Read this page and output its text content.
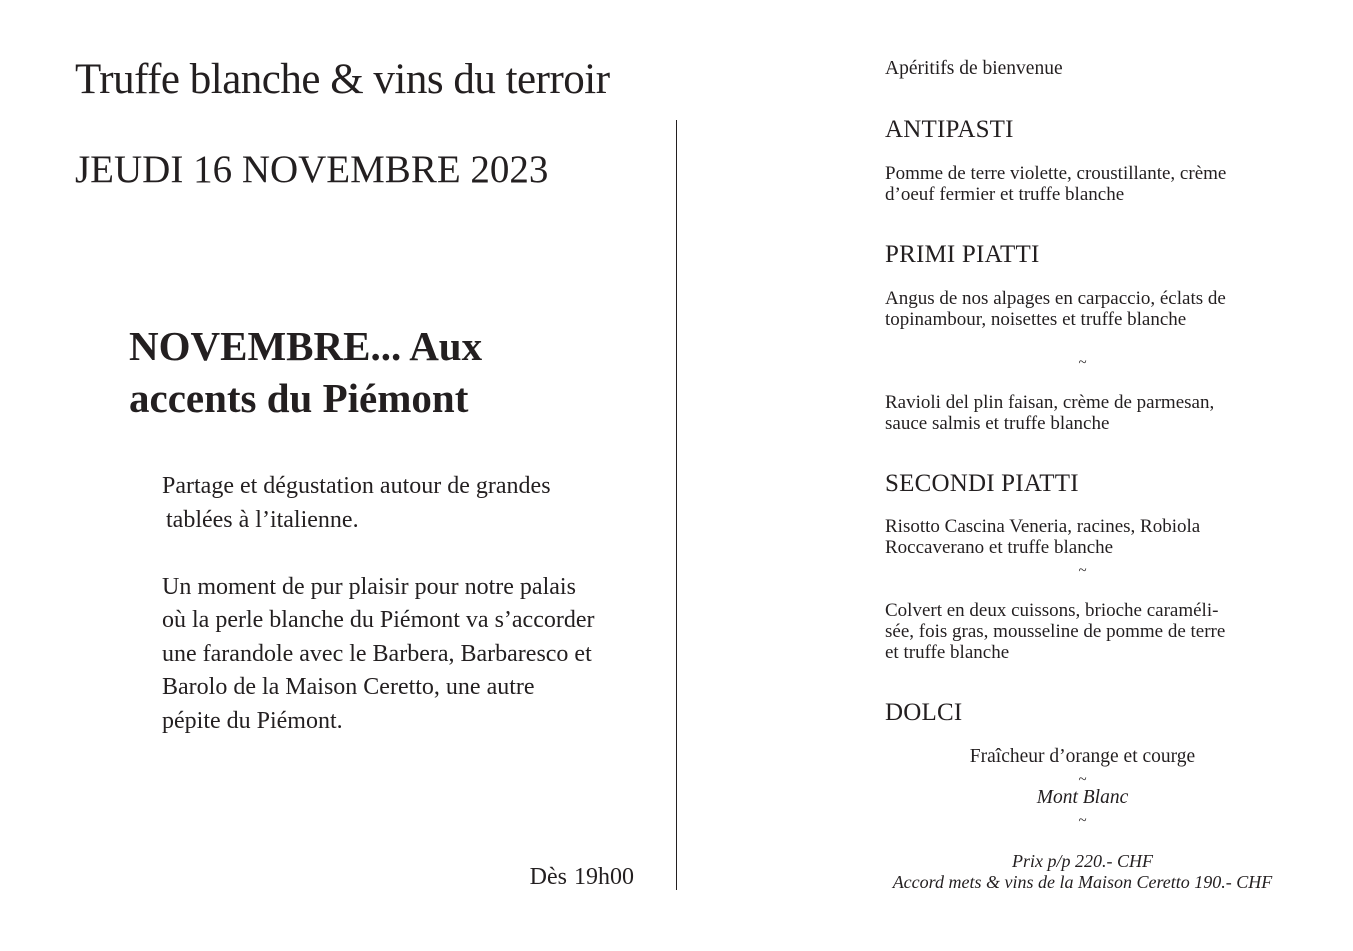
Truffe blanche & vins du terroir
JEUDI 16 NOVEMBRE 2023
NOVEMBRE... Aux
accents du Piémont

Partage et dégustation autour de grandes

tablées à l’italienne.

Un moment de pur plaisir pour notre palais

où la perle blanche du Piémont va s’accorder

une farandole avec le Barbera, Barbaresco et

Barolo de la Maison Ceretto, une autre

pépite du Piémont.

Dès 19h00
Apéritifs de bienvenue
ANTIPASTI

Pomme de terre violette, croustillante, crème
d’oeuf fermier et truffe blanche

PRIMI PIATTI

Angus de nos alpages en carpaccio, éclats de
topinambour, noisettes et truffe blanche

~

Ravioli del plin faisan, crème de parmesan,
sauce salmis et truffe blanche

SECONDI PIATTI

Risotto Cascina Veneria, racines, Robiola
Roccaverano et truffe blanche

~

Colvert en deux cuissons, brioche caraméli-
sée, fois gras, mousseline de pomme de terre
et truffe blanche

DOLCI
Fraîcheur d’orange et courge
~
Mont Blanc
~
Prix p/p 220.- CHF
Accord mets & vins de la Maison Ceretto 190.- CHF
